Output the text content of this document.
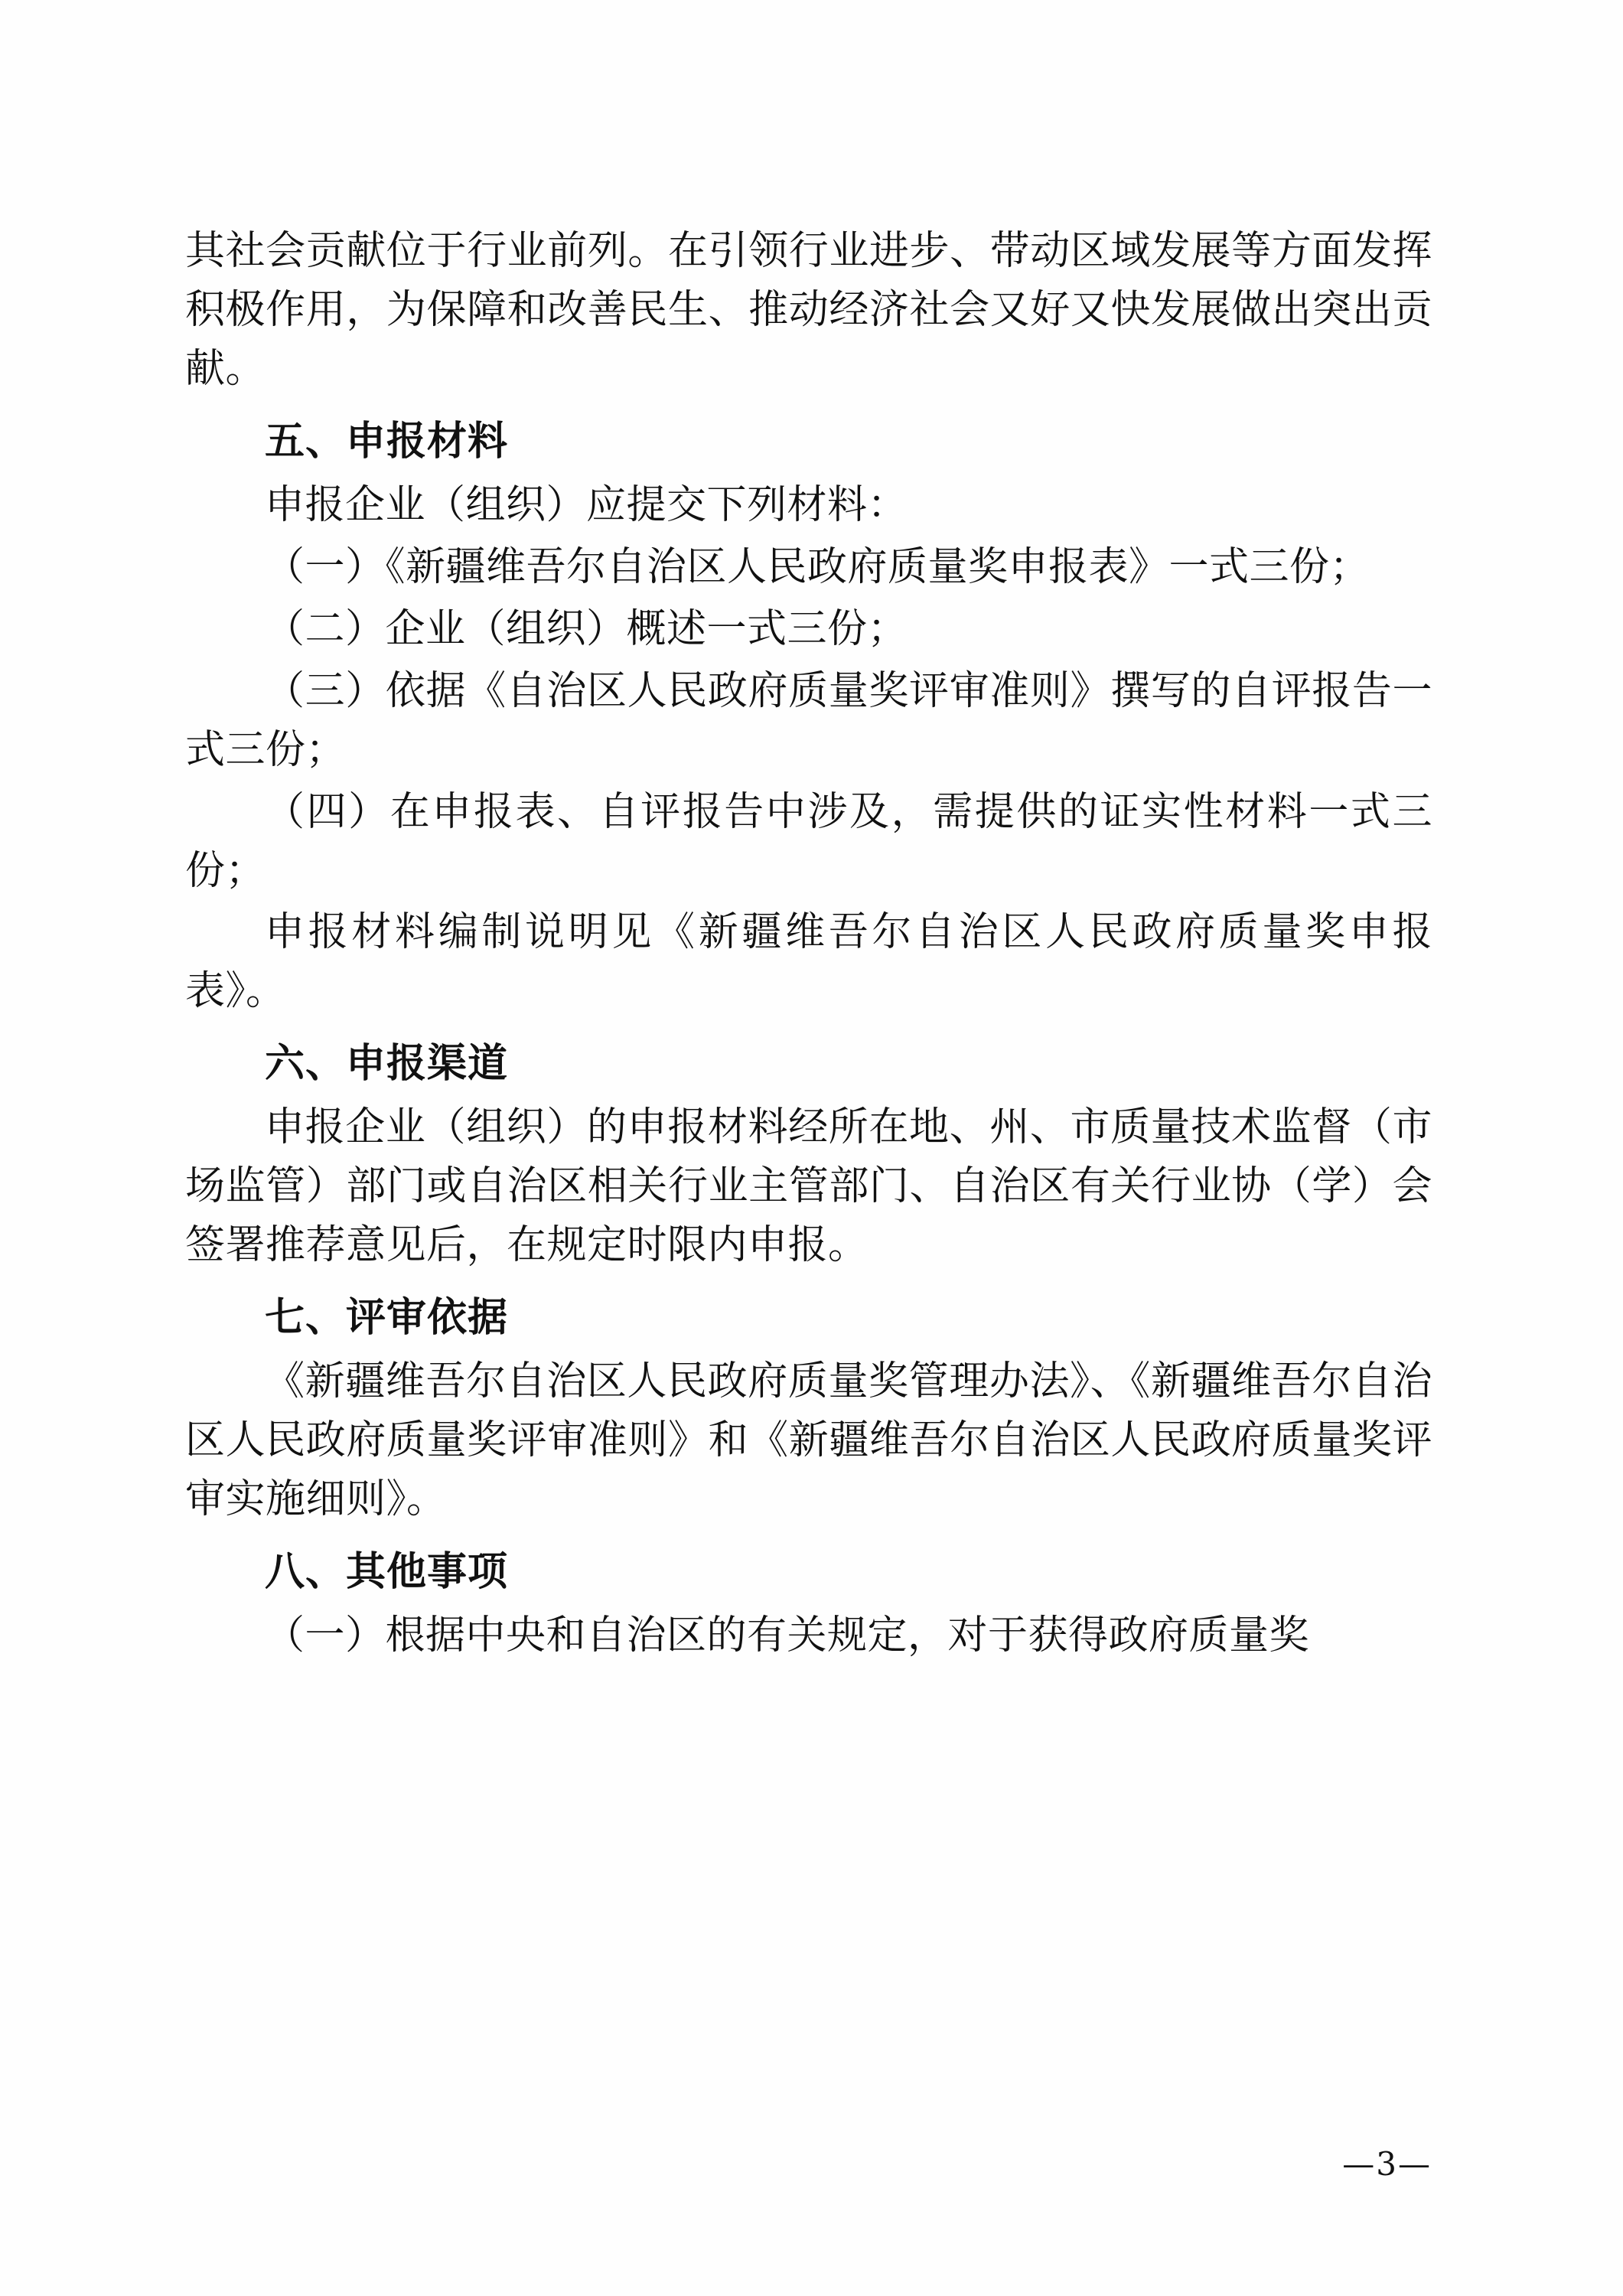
其社会贡献位于行业前列。在引领行业进步、带动区域发展等方面发挥积极作用，为保障和改善民生、推动经济社会又好又快发展做出突出贡献。

五、申报材料

申报企业（组织）应提交下列材料：

（一）《新疆维吾尔自治区人民政府质量奖申报表》一式三份；

（二）企业（组织）概述一式三份；

（三）依据《自治区人民政府质量奖评审准则》撰写的自评报告一式三份；

（四）在申报表、自评报告中涉及，需提供的证实性材料一式三份；

申报材料编制说明见《新疆维吾尔自治区人民政府质量奖申报表》。

六、申报渠道

申报企业（组织）的申报材料经所在地、州、市质量技术监督（市场监管）部门或自治区相关行业主管部门、自治区有关行业协（学）会签署推荐意见后，在规定时限内申报。

七、评审依据

《新疆维吾尔自治区人民政府质量奖管理办法》、《新疆维吾尔自治区人民政府质量奖评审准则》和《新疆维吾尔自治区人民政府质量奖评审实施细则》。

八、其他事项

（一）根据中央和自治区的有关规定，对于获得政府质量奖

—3—
